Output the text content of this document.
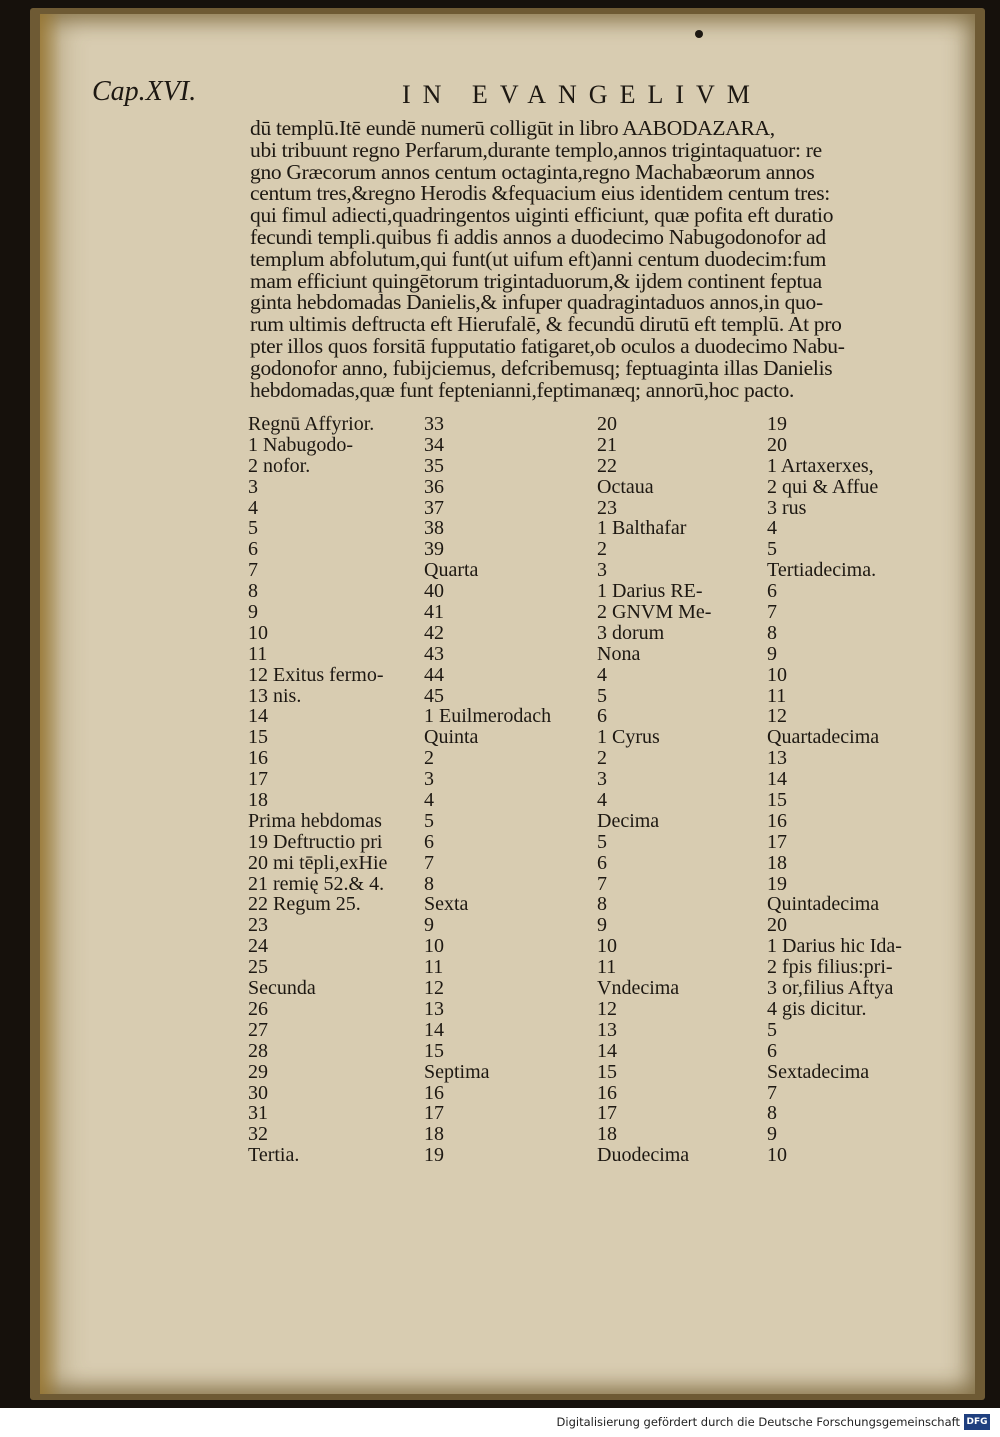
Cap.XVI.	IN EVANGELIVM
dū templū.Itē eundē numerū colligūt in libro AABODAZARA,
ubi tribuunt regno Perfarum,durante templo,annos trigintaquatuor: re
gno Græcorum annos centum octaginta,regno Machabæorum annos
centum tres,&regno Herodis &fequacium eius identidem centum tres:
qui fimul adiecti,quadringentos uiginti efficiunt, quæ pofita eft duratio
fecundi templi.quibus fi addis annos a duodecimo Nabugodonofor ad
templum abfolutum,qui funt(ut uifum eft)anni centum duodecim:fum
mam efficiunt quingētorum trigintaduorum,& ijdem continent feptua
ginta hebdomadas Danielis,& infuper quadragintaduos annos,in quo-
rum ultimis deftructa eft Hierufalē, & fecundū dirutū eft templū. At pro
pter illos quos forsitā fupputatio fatigaret,ob oculos a duodecimo Nabu-
godonofor anno, fubijciemus, defcribemusq; feptuaginta illas Danielis
hebdomadas,quæ funt feptenianni,feptimanæq; annorū,hoc pacto.
Regnū Affyrior.
1 Nabugodo-
2 nofor.
3
4
5
6
7
8
9
10
11
12 Exitus fermo-
13 nis.
14
15
16
17
18
Prima hebdomas
19 Deftructio pri
20 mi tēpli,exHie
21 remię 52.& 4.
22 Regum 25.
23
24
25
Secunda
26
27
28
29
30
31
32
Tertia.
33
34
35
36
37
38
39
Quarta
40
41
42
43
44
45
1 Euilmerodach
Quinta
2
3
4
5
6
7
8
Sexta
9
10
11
12
13
14
15
Septima
16
17
18
19
20
21
22
Octaua
23
1 Balthafar
2
3
1 Darius RE-
2 GNVM Me-
3 dorum
Nona
4
5
6
1 Cyrus
2
3
4
Decima
5
6
7
8
9
10
11
Vndecima
12
13
14
15
16
17
18
Duodecima
19
20
1 Artaxerxes,
2 qui & Affue
3 rus
4
5
Tertiadecima.
6
7
8
9
10
11
12
Quartadecima
13
14
15
16
17
18
19
Quintadecima
20
1 Darius hic Ida-
2 fpis filius:pri-
3 or,filius Aftya
4 gis dicitur.
5
6
Sextadecima
7
8
9
10
Digitalisierung gefördert durch die Deutsche Forschungsgemeinschaft DFG
